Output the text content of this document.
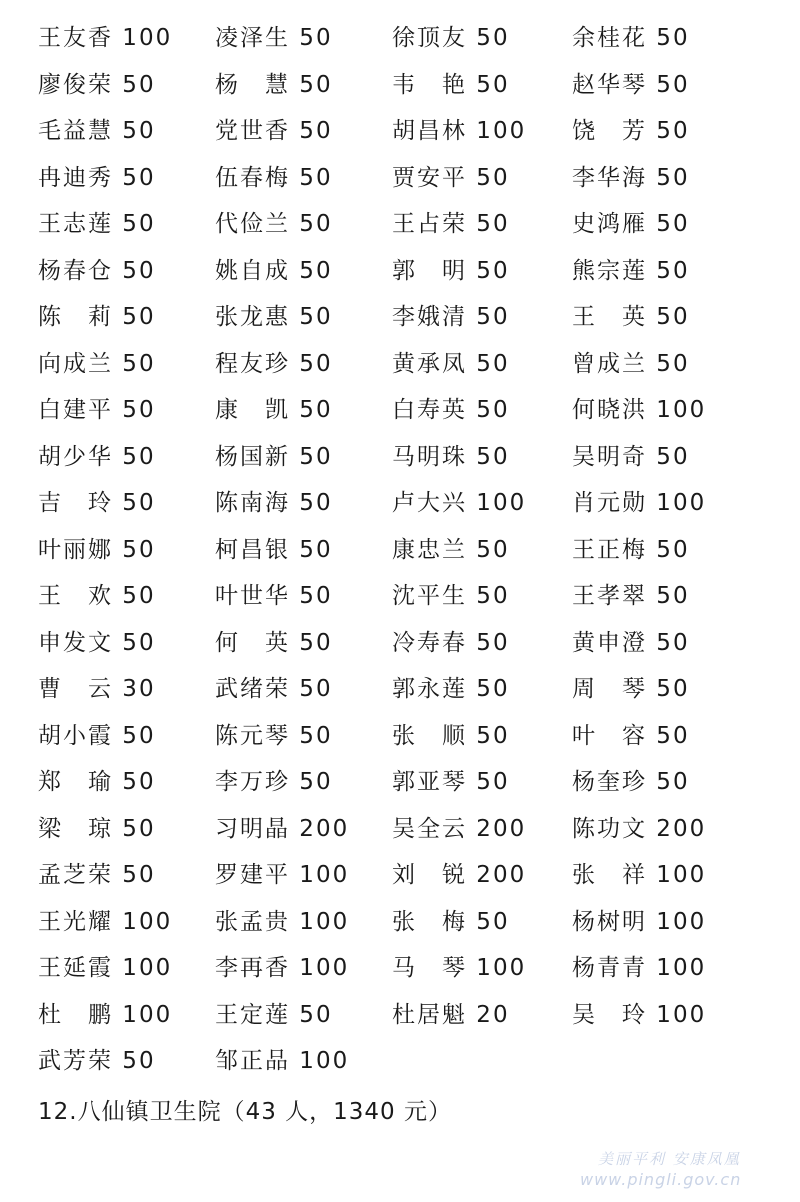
王友香 100 凌泽生 50	徐顶友 50	余桂花 50
廖俊荣 50	杨　慧 50	韦　艳 50	赵华琴 50
毛益慧 50	党世香 50	胡昌林 100 饶　芳 50
冉迪秀 50	伍春梅 50	贾安平 50	李华海 50
王志莲 50	代俭兰 50	王占荣 50	史鸿雁 50
杨春仓 50	姚自成 50	郭　明 50	熊宗莲 50
陈　莉 50	张龙惠 50	李娥清 50	王　英 50
向成兰 50	程友珍 50	黄承凤 50	曾成兰 50
白建平 50	康　凯 50	白寿英 50	何晓洪 100
胡少华 50	杨国新 50	马明珠 50	吴明奇 50
吉　玲 50	陈南海 50	卢大兴 100 肖元勋 100
叶丽娜 50	柯昌银 50	康忠兰 50	王正梅 50
王　欢 50	叶世华 50	沈平生 50	王孝翠 50
申发文 50	何　英 50	冷寿春 50	黄申澄 50
曹　云 30	武绪荣 50	郭永莲 50	周　琴 50
胡小霞 50	陈元琴 50	张　顺 50	叶　容 50
郑　瑜 50	李万珍 50	郭亚琴 50	杨奎珍 50
梁　琼 50	习明晶 200 吴全云 200 陈功文 200
孟芝荣 50	罗建平 100 刘　锐 200 张　祥 100
王光耀 100 张孟贵 100 张　梅 50	杨树明 100
王延霞 100 李再香 100 马　琴 100 杨青青 100
杜　鹏 100 王定莲 50	杜居魁 20	吴　玲 100
武芳荣 50	邹正品 100
12.八仙镇卫生院（43 人，1340 元）
美丽平利 安康凤凰
www.pingli.gov.cn
